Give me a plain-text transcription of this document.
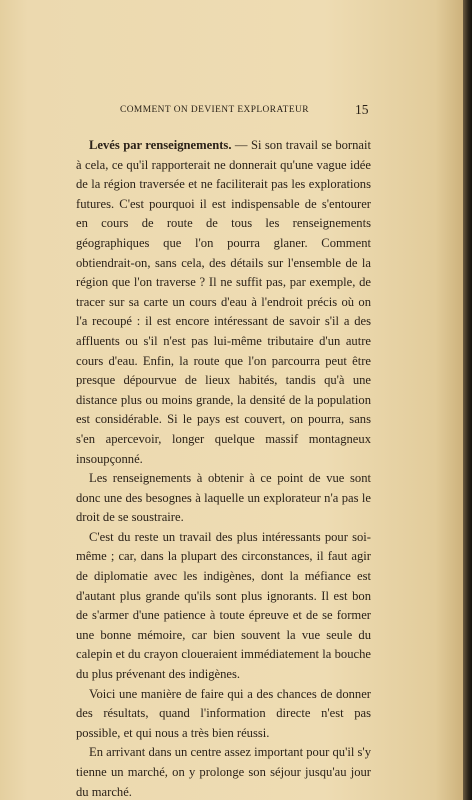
COMMENT ON DEVIENT EXPLORATEUR	15

Levés par renseignements. — Si son travail se bornait à cela, ce qu'il rapporterait ne donnerait qu'une vague idée de la région traversée et ne faciliterait pas les explorations futures. C'est pourquoi il est indispensable de s'entourer en cours de route de tous les renseignements géographiques que l'on pourra glaner. Comment obtiendrait-on, sans cela, des détails sur l'ensemble de la région que l'on traverse ? Il ne suffit pas, par exemple, de tracer sur sa carte un cours d'eau à l'endroit précis où on l'a recoupé : il est encore intéressant de savoir s'il a des affluents ou s'il n'est pas lui-même tributaire d'un autre cours d'eau. Enfin, la route que l'on parcourra peut être presque dépourvue de lieux habités, tandis qu'à une distance plus ou moins grande, la densité de la population est considérable. Si le pays est couvert, on pourra, sans s'en apercevoir, longer quelque massif montagneux insoupçonné.

Les renseignements à obtenir à ce point de vue sont donc une des besognes à laquelle un explorateur n'a pas le droit de se soustraire.

C'est du reste un travail des plus intéressants pour soi-même ; car, dans la plupart des circonstances, il faut agir de diplomatie avec les indigènes, dont la méfiance est d'autant plus grande qu'ils sont plus ignorants. Il est bon de s'armer d'une patience à toute épreuve et de se former une bonne mémoire, car bien souvent la vue seule du calepin et du crayon cloueraient immédiatement la bouche du plus prévenant des indigènes.

Voici une manière de faire qui a des chances de donner des résultats, quand l'information directe n'est pas possible, et qui nous a très bien réussi.

En arrivant dans un centre assez important pour qu'il s'y tienne un marché, on y prolonge son séjour jusqu'au jour du marché.
